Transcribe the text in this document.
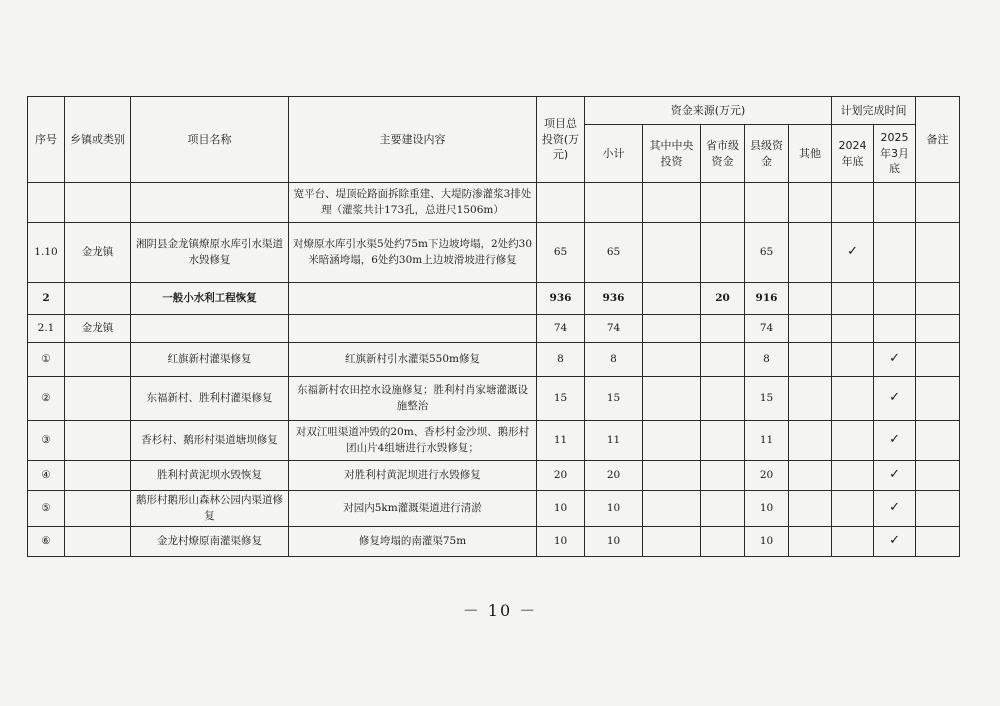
序号	乡镇或类别	项目名称	主要建设内容	项目总投资(万元)	资金来源(万元)					计划完成时间		备注
					小计	其中中央投资	省市级资金	县级资金	其他	2024年底	2025年3月底	
			宽平台、堤顶砼路面拆除重建、大堤防渗灌浆3排处理（灌浆共计173孔，总进尺1506m）									
1.10	金龙镇	湘阴县金龙镇燎原水库引水渠道水毁修复	对燎原水库引水渠5处约75m下边坡垮塌，2处约30米暗涵垮塌，6处约30m上边坡滑坡进行修复	65	65			65		✓		
2		一般小水利工程恢复		936	936		20	916				
2.1	金龙镇			74	74			74				
①		红旗新村灌渠修复	红旗新村引水灌渠550m修复	8	8			8			✓	
②		东福新村、胜利村灌渠修复	东福新村农田控水设施修复；胜利村肖家塘灌溉设施整治	15	15			15			✓	
③		香杉村、鹅形村渠道塘坝修复	对双江咀渠道冲毁的20m、香杉村金沙坝、鹅形村团山片4组塘进行水毁修复；	11	11			11			✓	
④		胜利村黄泥坝水毁恢复	对胜利村黄泥坝进行水毁修复	20	20			20			✓	
⑤		鹅形村鹅形山森林公园内渠道修复	对园内5km灌溉渠道进行清淤	10	10			10			✓	
⑥		金龙村燎原南灌渠修复	修复垮塌的南灌渠75m	10	10			10			✓	
－ 10 －
